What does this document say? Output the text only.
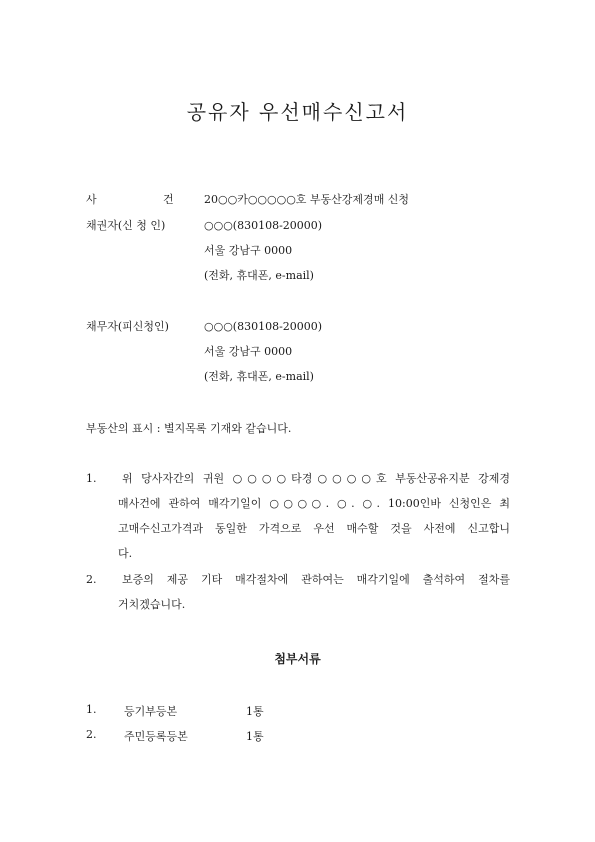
공유자 우선매수신고서
사	건	20○○카○○○○○호 부동산강제경매 신청
채권자(신 청 인)	○○○(830108-20000)
서울 강남구 0000
(전화, 휴대폰, e-mail)
채무자(피신청인)	○○○(830108-20000)
서울 강남구 0000
(전화, 휴대폰, e-mail)
부동산의 표시 : 별지목록 기재와 같습니다.
1.	위 당사자간의 귀원 ○○○○타경○○○○호 부동산공유지분 강제경
매사건에 관하여 매각기일이 ○○○○. ○. ○. 10:00인바 신청인은 최
고매수신고가격과 동일한 가격으로 우선 매수할 것을 사전에 신고합니
다.
2.	보증의 제공 기타 매각절차에 관하여는 매각기일에 출석하여 절차를
거치겠습니다.
첨부서류
1.	등기부등본	1통
2.	주민등록등본	1통
